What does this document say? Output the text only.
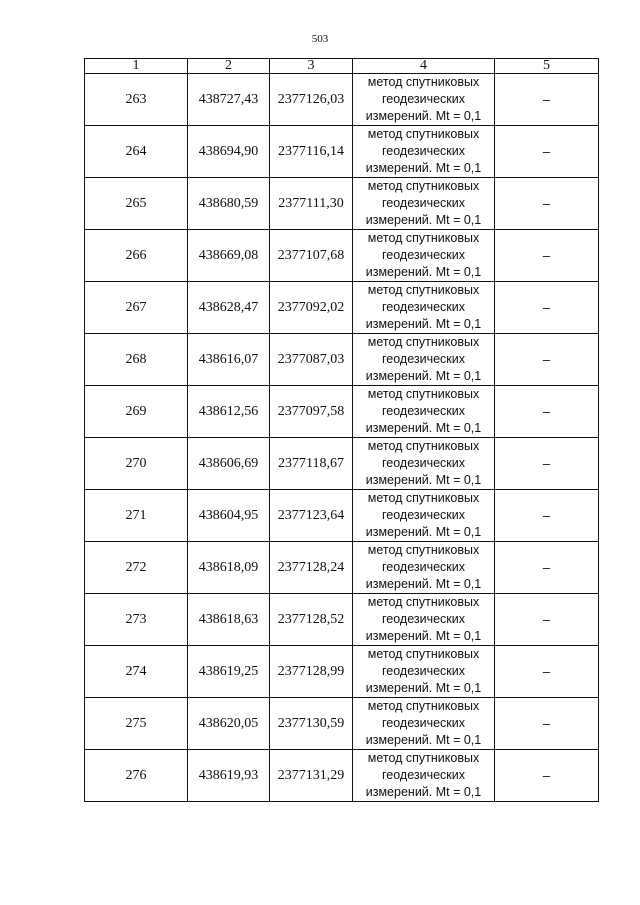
503
1	2	3	4	5
263	438727,43	2377126,03	метод спутниковых геодезических измерений. Mt = 0,1	–
264	438694,90	2377116,14	метод спутниковых геодезических измерений. Mt = 0,1	–
265	438680,59	2377111,30	метод спутниковых геодезических измерений. Mt = 0,1	–
266	438669,08	2377107,68	метод спутниковых геодезических измерений. Mt = 0,1	–
267	438628,47	2377092,02	метод спутниковых геодезических измерений. Mt = 0,1	–
268	438616,07	2377087,03	метод спутниковых геодезических измерений. Mt = 0,1	–
269	438612,56	2377097,58	метод спутниковых геодезических измерений. Mt = 0,1	–
270	438606,69	2377118,67	метод спутниковых геодезических измерений. Mt = 0,1	–
271	438604,95	2377123,64	метод спутниковых геодезических измерений. Mt = 0,1	–
272	438618,09	2377128,24	метод спутниковых геодезических измерений. Mt = 0,1	–
273	438618,63	2377128,52	метод спутниковых геодезических измерений. Mt = 0,1	–
274	438619,25	2377128,99	метод спутниковых геодезических измерений. Mt = 0,1	–
275	438620,05	2377130,59	метод спутниковых геодезических измерений. Mt = 0,1	–
276	438619,93	2377131,29	метод спутниковых геодезических измерений. Mt = 0,1	–
